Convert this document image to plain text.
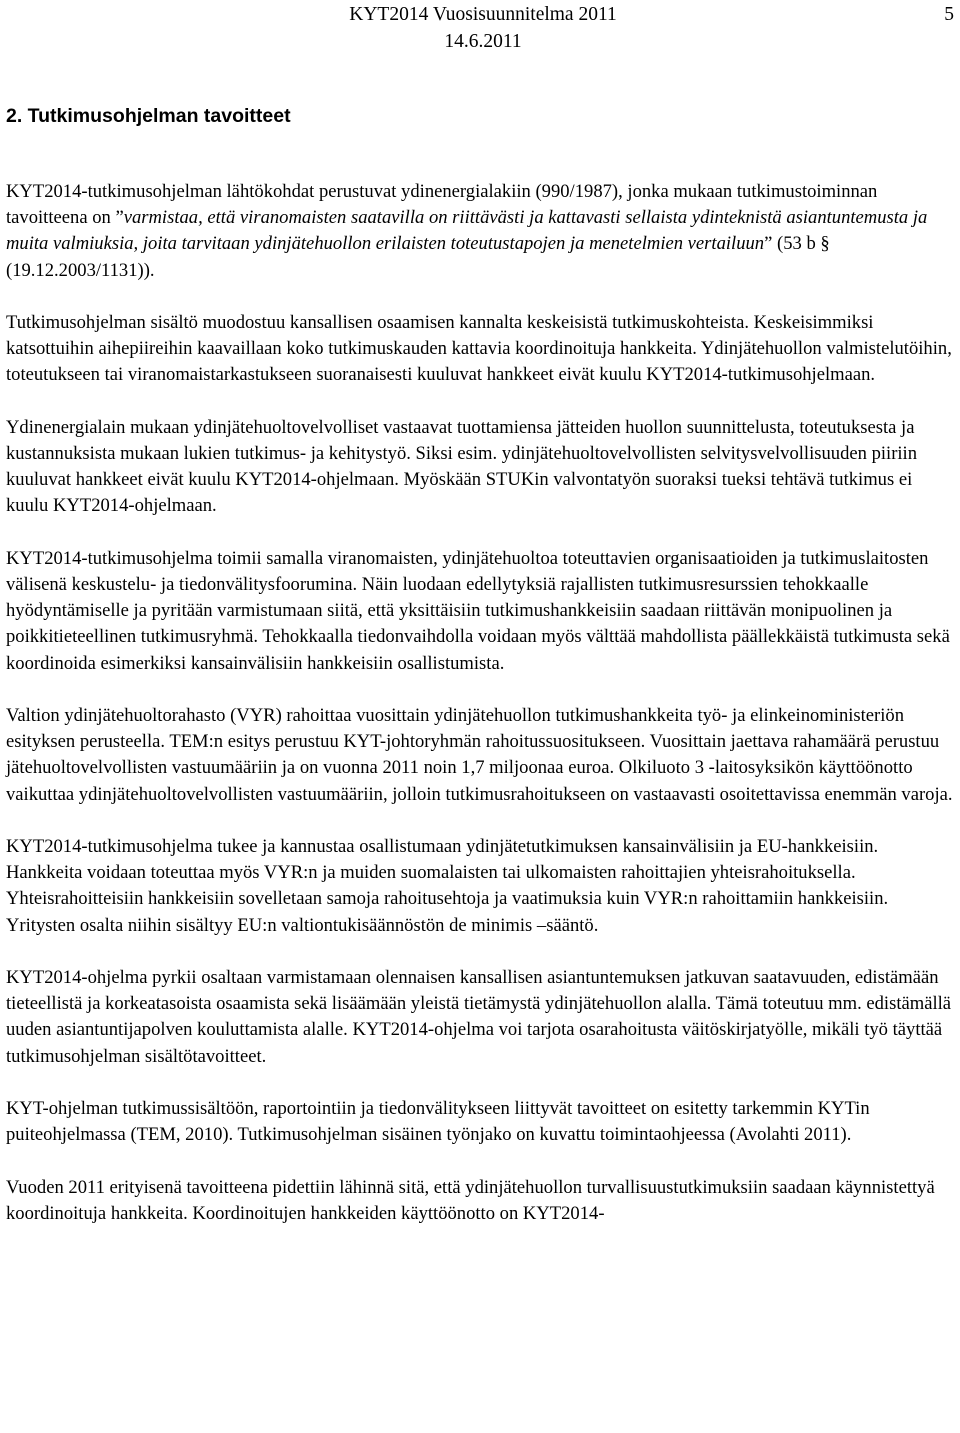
KYT2014 Vuosisuunnitelma 2011
14.6.2011
5
2. Tutkimusohjelman tavoitteet

KYT2014-tutkimusohjelman lähtökohdat perustuvat ydinenergialakiin (990/1987), jonka mukaan tutkimustoiminnan tavoitteena on ”varmistaa, että viranomaisten saatavilla on riittävästi ja kattavasti sellaista ydinteknistä asiantuntemusta ja muita valmiuksia, joita tarvitaan ydinjätehuollon erilaisten toteutustapojen ja menetelmien vertailuun” (53 b § (19.12.2003/1131)).

Tutkimusohjelman sisältö muodostuu kansallisen osaamisen kannalta keskeisistä tutkimuskohteista. Keskeisimmiksi katsottuihin aihepiireihin kaavaillaan koko tutkimuskauden kattavia koordinoituja hankkeita. Ydinjätehuollon valmistelutöihin, toteutukseen tai viranomaistarkastukseen suoranaisesti kuuluvat hankkeet eivät kuulu KYT2014-tutkimusohjelmaan.

Ydinenergialain mukaan ydinjätehuoltovelvolliset vastaavat tuottamiensa jätteiden huollon suunnittelusta, toteutuksesta ja kustannuksista mukaan lukien tutkimus- ja kehitystyö. Siksi esim. ydinjätehuoltovelvollisten selvitysvelvollisuuden piiriin kuuluvat hankkeet eivät kuulu KYT2014-ohjelmaan. Myöskään STUKin valvontatyön suoraksi tueksi tehtävä tutkimus ei kuulu KYT2014-ohjelmaan.

KYT2014-tutkimusohjelma toimii samalla viranomaisten, ydinjätehuoltoa toteuttavien organisaatioiden ja tutkimuslaitosten välisenä keskustelu- ja tiedonvälitysfoorumina. Näin luodaan edellytyksiä rajallisten tutkimusresurssien tehokkaalle hyödyntämiselle ja pyritään varmistumaan siitä, että yksittäisiin tutkimushankkeisiin saadaan riittävän monipuolinen ja poikkitieteellinen tutkimusryhmä. Tehokkaalla tiedonvaihdolla voidaan myös välttää mahdollista päällekkäistä tutkimusta sekä koordinoida esimerkiksi kansainvälisiin hankkeisiin osallistumista.

Valtion ydinjätehuoltorahasto (VYR) rahoittaa vuosittain ydinjätehuollon tutkimushankkeita työ- ja elinkeinoministeriön esityksen perusteella. TEM:n esitys perustuu KYT-johtoryhmän rahoitussuositukseen. Vuosittain jaettava rahamäärä perustuu jätehuoltovelvollisten vastuumääriin ja on vuonna 2011 noin 1,7 miljoonaa euroa. Olkiluoto 3 -laitosyksikön käyttöönotto vaikuttaa ydinjätehuoltovelvollisten vastuumääriin, jolloin tutkimusrahoitukseen on vastaavasti osoitettavissa enemmän varoja.

KYT2014-tutkimusohjelma tukee ja kannustaa osallistumaan ydinjätetutkimuksen kansainvälisiin ja EU-hankkeisiin. Hankkeita voidaan toteuttaa myös VYR:n ja muiden suomalaisten tai ulkomaisten rahoittajien yhteisrahoituksella. Yhteisrahoitteisiin hankkeisiin sovelletaan samoja rahoitusehtoja ja vaatimuksia kuin VYR:n rahoittamiin hankkeisiin. Yritysten osalta niihin sisältyy EU:n valtiontukisäännöstön de minimis –sääntö.

KYT2014-ohjelma pyrkii osaltaan varmistamaan olennaisen kansallisen asiantuntemuksen jatkuvan saatavuuden, edistämään tieteellistä ja korkeatasoista osaamista sekä lisäämään yleistä tietämystä ydinjätehuollon alalla. Tämä toteutuu mm. edistämällä uuden asiantuntijapolven kouluttamista alalle. KYT2014-ohjelma voi tarjota osarahoitusta väitöskirjatyölle, mikäli työ täyttää tutkimusohjelman sisältötavoitteet.

KYT-ohjelman tutkimussisältöön, raportointiin ja tiedonvälitykseen liittyvät tavoitteet on esitetty tarkemmin KYTin puiteohjelmassa (TEM, 2010). Tutkimusohjelman sisäinen työnjako on kuvattu toimintaohjeessa (Avolahti 2011).

Vuoden 2011 erityisenä tavoitteena pidettiin lähinnä sitä, että ydinjätehuollon turvallisuustutkimuksiin saadaan käynnistettyä koordinoituja hankkeita. Koordinoitujen hankkeiden käyttöönotto on KYT2014-
